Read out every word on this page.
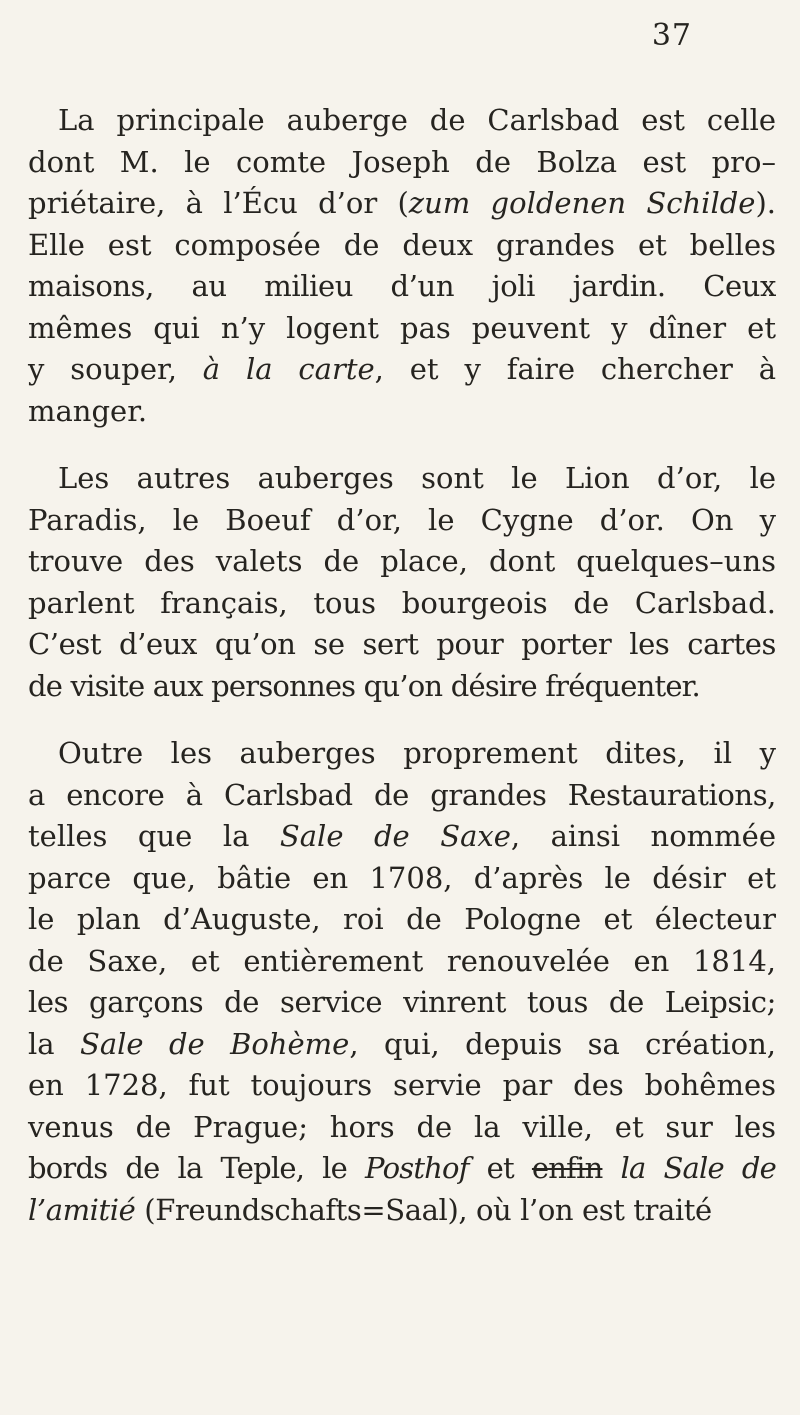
37
La principale auberge de Carlsbad est celle
dont M. le comte Joseph de Bolza est pro–
priétaire, à l’Écu d’or (zum goldenen Schilde).
Elle est composée de deux grandes et belles
maisons, au milieu d’un joli jardin. Ceux
mêmes qui n’y logent pas peuvent y dîner et
y souper, à la carte, et y faire chercher à
manger.
Les autres auberges sont le Lion d’or, le
Paradis, le Boeuf d’or, le Cygne d’or. On y
trouve des valets de place, dont quelques–uns
parlent français, tous bourgeois de Carlsbad.
C’est d’eux qu’on se sert pour porter les cartes
de visite aux personnes qu’on désire fréquenter.
Outre les auberges proprement dites, il y
a encore à Carlsbad de grandes Restaurations,
telles que la Sale de Saxe, ainsi nommée
parce que, bâtie en 1708, d’après le désir et
le plan d’Auguste, roi de Pologne et électeur
de Saxe, et entièrement renouvelée en 1814,
les garçons de service vinrent tous de Leipsic;
la Sale de Bohème, qui, depuis sa création,
en 1728, fut toujours servie par des bohêmes
venus de Prague; hors de la ville, et sur les
bords de la Teple, le Posthof et enfin la Sale de
l’amitié (Freundschafts=Saal), où l’on est traité
